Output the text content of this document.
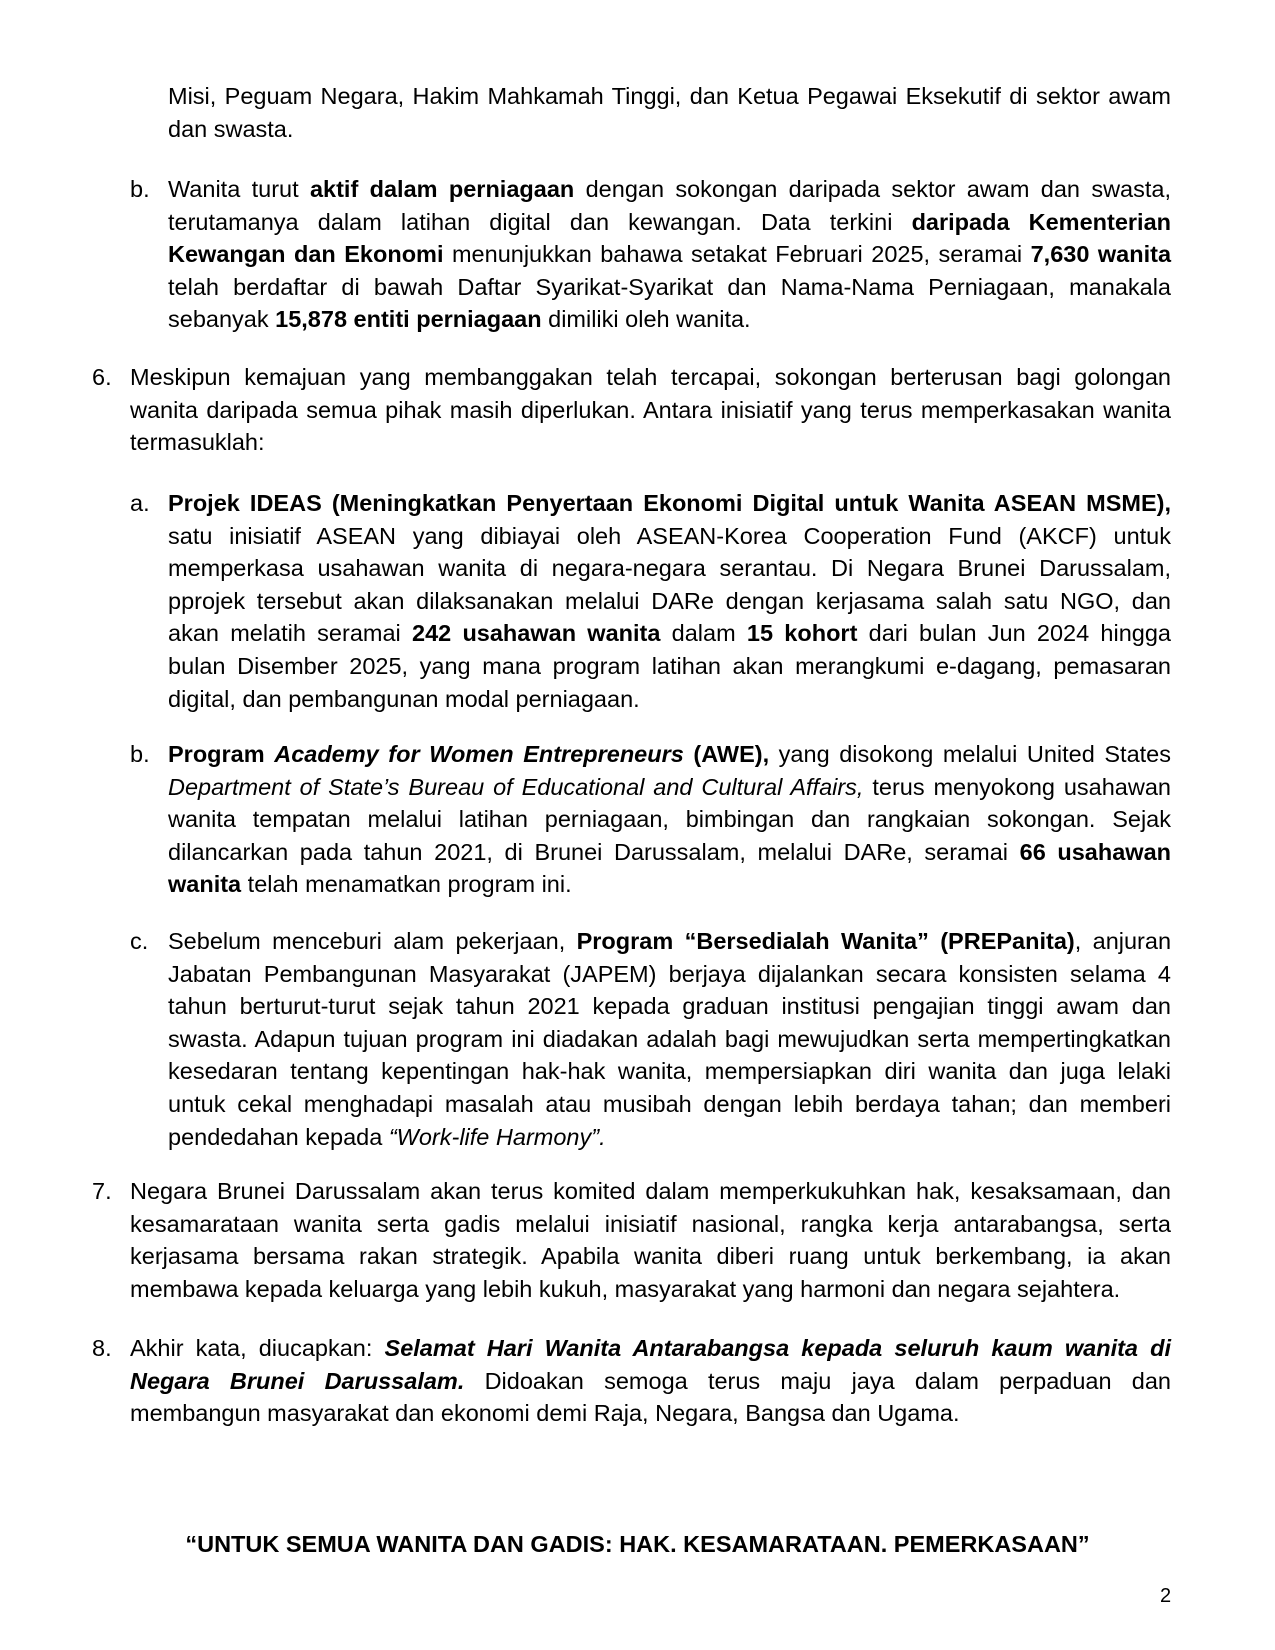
Misi, Peguam Negara, Hakim Mahkamah Tinggi, dan Ketua Pegawai Eksekutif di sektor awam dan swasta.

b. Wanita turut aktif dalam perniagaan dengan sokongan daripada sektor awam dan swasta, terutamanya dalam latihan digital dan kewangan. Data terkini daripada Kementerian Kewangan dan Ekonomi menunjukkan bahawa setakat Februari 2025, seramai 7,630 wanita telah berdaftar di bawah Daftar Syarikat-Syarikat dan Nama-Nama Perniagaan, manakala sebanyak 15,878 entiti perniagaan dimiliki oleh wanita.

6. Meskipun kemajuan yang membanggakan telah tercapai, sokongan berterusan bagi golongan wanita daripada semua pihak masih diperlukan. Antara inisiatif yang terus memperkasakan wanita termasuklah:

a. Projek IDEAS (Meningkatkan Penyertaan Ekonomi Digital untuk Wanita ASEAN MSME), satu inisiatif ASEAN yang dibiayai oleh ASEAN-Korea Cooperation Fund (AKCF) untuk memperkasa usahawan wanita di negara-negara serantau. Di Negara Brunei Darussalam, pprojek tersebut akan dilaksanakan melalui DARe dengan kerjasama salah satu NGO, dan akan melatih seramai 242 usahawan wanita dalam 15 kohort dari bulan Jun 2024 hingga bulan Disember 2025, yang mana program latihan akan merangkumi e-dagang, pemasaran digital, dan pembangunan modal perniagaan.

b. Program Academy for Women Entrepreneurs (AWE), yang disokong melalui United States Department of State’s Bureau of Educational and Cultural Affairs, terus menyokong usahawan wanita tempatan melalui latihan perniagaan, bimbingan dan rangkaian sokongan. Sejak dilancarkan pada tahun 2021, di Brunei Darussalam, melalui DARe, seramai 66 usahawan wanita telah menamatkan program ini.

c. Sebelum menceburi alam pekerjaan, Program “Bersedialah Wanita” (PREPanita), anjuran Jabatan Pembangunan Masyarakat (JAPEM) berjaya dijalankan secara konsisten selama 4 tahun berturut-turut sejak tahun 2021 kepada graduan institusi pengajian tinggi awam dan swasta. Adapun tujuan program ini diadakan adalah bagi mewujudkan serta mempertingkatkan kesedaran tentang kepentingan hak-hak wanita, mempersiapkan diri wanita dan juga lelaki untuk cekal menghadapi masalah atau musibah dengan lebih berdaya tahan; dan memberi pendedahan kepada “Work-life Harmony”.

7. Negara Brunei Darussalam akan terus komited dalam memperkukuhkan hak, kesaksamaan, dan kesamarataan wanita serta gadis melalui inisiatif nasional, rangka kerja antarabangsa, serta kerjasama bersama rakan strategik. Apabila wanita diberi ruang untuk berkembang, ia akan membawa kepada keluarga yang lebih kukuh, masyarakat yang harmoni dan negara sejahtera.

8. Akhir kata, diucapkan: Selamat Hari Wanita Antarabangsa kepada seluruh kaum wanita di Negara Brunei Darussalam. Didoakan semoga terus maju jaya dalam perpaduan dan membangun masyarakat dan ekonomi demi Raja, Negara, Bangsa dan Ugama.

“UNTUK SEMUA WANITA DAN GADIS: HAK. KESAMARATAAN. PEMERKASAAN”

2
